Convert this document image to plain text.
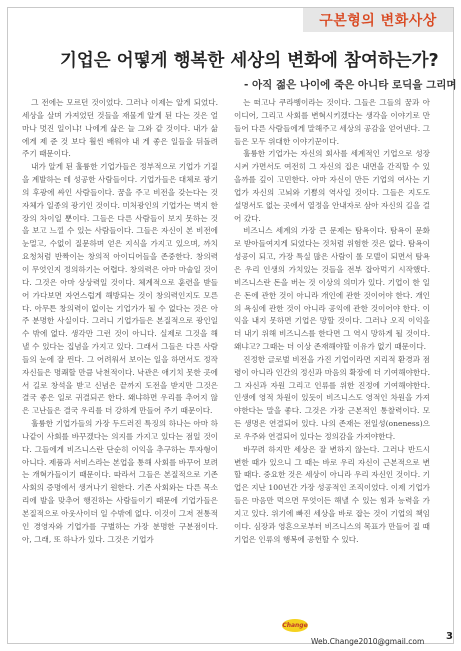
구본형의 변화사상
기업은 어떻게 행복한 세상의 변화에 참여하는가?
- 아직 젊은 나이에 죽은 아니타 로딕을 그리며

그 전에는 모르던 것이었다. 그러나 이제는 알게 되었다. 세상을 살며 가져었던 것들을 재물게 알게 된 다는 것은 얼마나 멋진 일이냐! 나에게 삶은 늘 그와 같 것이다. 내가 삶에게 제 준 것 보다 훨씬 배워야 내 게 좋은 일들을 뒤돌려 주기 때문이다.

내가 알게 된 훌륭한 기업가들은 정부적으로 기업가 기질을 계발하는 데 성공한 사람들이다. 기업가들은 대체로 광기의 후광에 싸인 사람들이다. 꿈을 주고 비전을 갖는다는 것 자체가 일종의 광기인 것이다. 미처광인의 기업가는 벽지 한 장의 차이일 뿐이다. 그들은 다른 사람들이 보지 못하는 것을 보고 느낄 수 있는 사람들이다. 그들은 자신이 본 비전에 눈멀고, 수없이 질문하며 얻은 지식을 가지고 있으며, 까치 요청처럼 반짝이는 창의적 아이디어들을 존중한다. 창의력이 무엇인지 정의하기는 어렵다. 창의력은 아마 마술일 것이다. 그것은 아마 상상력일 것이다. 체계적으로 훈련을 받들어 가다보면 자연스럽게 해방되는 것이 창의력인지도 모른다. 아무튼 창의력이 없이는 기업가가 될 수 없다는 것은 아주 분명한 사실이다. 그러니 기업가들은 본질적으로 광인일 수 밖에 없다. 생각만 그런 것이 아니다. 실제로 그것을 해 낼 수 있다는 집념을 가지고 있다. 그래서 그들은 다른 사람들의 눈에 잘 띈다. 그 어려워서 보이는 일을 하면서도 정작 자신들은 명쾌할 만큼 낙천적이다. 낙관은 애기치 못한 곳에서 길로 창석을 받고 신념은 끝까지 도전을 받지만 그것은 결국 좋은 일로 귀결되곤 한다. 왜냐하면 우리를 추어지 않은 고난들은 결국 우리를 더 강하게 만들어 주기 때문이다.

훌륭한 기업가들의 가장 두드러진 특징의 하나는 아마 하나같이 사회를 바꾸겠다는 의지를 가지고 있다는 점일 것이다. 그들에게 비즈니스란 단순히 이익을 추구하는 투자형이 아니다. 제품과 서비스라는 본업을 통해 사회를 바꾸어 보려는 개혁가들이기 때문이다. 따라서 그들은 본질적으로 기존 사회의 증명에서 생겨나기 원한다. 기존 사회와는 다른 목소리에 발을 맞추어 행진하는 사람들이기 때문에 기업가들은 본질적으로 아웃사이더 일 수밖에 없다. 이것이 그저 전통적인 경영자와 기업가를 구별하는 가장 분명한 구분점이다. 아, 그래, 또 하나가 있다. 그것은 기업가

는 떠고나 쿠라벵이라는 것이다. 그들은 그들의 꿈과 아이디어, 그리고 사회를 변혁시키겠다는 생각을 이야기로 만들어 다른 사람들에게 말해주고 세상의 공감을 얻어낸다. 그들은 모두 위대한 이야기꾼이다.

훌륭한 기업가는 자신의 회사를 세계적인 기업으로 성장시켜 가면서도 여전히 그 자신의 집은 내면을 간직할 수 있을까를 깊이 고민한다. 아마 자신이 만든 기업의 여사는 기업가 자신의 고뇌와 기쁨의 역사일 것이다. 그들은 지도도 설명서도 없는 곳에서 열정을 안내자로 삼아 자신의 길을 걸어 갔다.

비즈니스 세계의 가장 큰 문제는 탐욕이다. 탐욕이 문화로 받아들여지게 되었다는 것처럼 위험한 것은 없다. 탐욕이 성공이 되고, 가장 특실 많은 사람이 롤 모델이 되면서 탐욕은 우리 인생의 가치있는 것들을 전부 잡아먹기 시작했다. 비즈니스란 돈을 버는 것 이상의 의미가 있다. 기업이 한 일은 돈에 관한 것이 아니라 개인에 관한 것이어야 한다. 개인의 욕심에 관한 것이 아니라 공익에 관한 것이어야 한다. 이익을 내지 못하면 기업은 망할 것이다. 그러나 오직 이익을 더 내기 위해 비즈니스를 한다면 그 역시 망하게 될 것이다. 왜냐고? 그때는 더 이상 존재해야할 이유가 없기 때문이다.

진정한 글로벌 비전을 가진 기업이라면 지리적 환경과 점령이 아니라 인간의 정신과 마음의 확장에 더 기여해야한다. 그 자신과 자원 그리고 인류를 위한 진정에 기여해야한다. 인생에 영적 차원이 있듯이 비즈니스도 영적인 차원을 가져야한다는 말을 좋다. 그것은 가장 근본적인 통찰력이다. 모든 생명은 연결되어 있다. 나의 존재는 전일성(oneness)으로 우주와 연결되어 있다는 정의감을 가져야한다.

바꾸려 하지만 세상은 잘 변하지 않는다. 그러나 반드시 변한 때가 있으니 그 때는 바로 우리 자신이 근본적으로 변할 때다. 중요한 것은 세상이 아니라 우리 자신인 것이다. 기업은 지난 100년간 가장 성공적인 조직이었다. 이제 기업가들은 마음만 먹으면 무엇이든 해낼 수 있는 힘과 능력을 가지고 있다. 위기에 빠진 세상을 바로 잡는 것이 기업의 책임이다. 심장과 영혼으로부터 비즈니스의 목표가 만들어 질 때 기업은 인류의 행복에 공헌할 수 있다.

Change
Web.Change2010@gmail.com 3
